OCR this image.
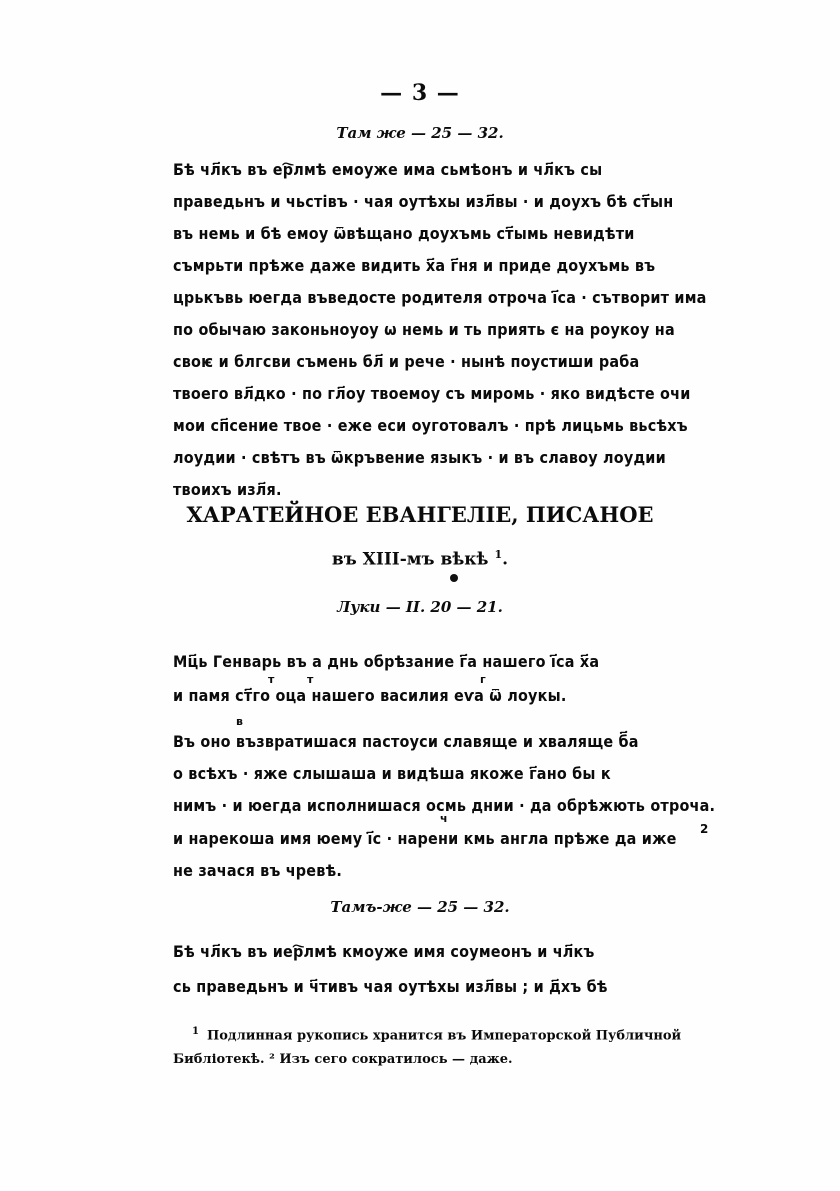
— 3 —
Там же — 25 — 32.
Бѣ чл҃къ въ ер҇лмѣ емоуже има сьмѣонъ и чл҃къ сы
праведьнъ и чьстівъ · чая оутѣхы изл҃вы · и доухъ бѣ ст҃ын
въ немь и бѣ емоу ѿвѣщано доухъмь ст҃ымь невидѣти
съмрьти прѣже даже видить х҃а г҃ня и приде доухъмь въ
црькъвь юегда въведосте родителя отроча і҃са · сътворит има
по обычаю законьноуоу ѡ немь и ть приять є на роукоу на
своѥ и блгсви съмень бл҃ и рече · нынѣ поустиши раба
твоего вл҃дко · по гл҃оу твоемоу съ миромь · яко видѣсте очи
мои сп҃сение твое · еже еси оуготовалъ · прѣ лицьмь вьсѣхъ
лоудии · свѣтъ въ ѿкръвение языкъ · и въ славоу лоудии
твоихъ изл҃я.
ХАРАТЕЙНОЕ ЕВАНГЕЛІЕ, ПИСАНОЕ
въ XIII-мъ вѣкѣ $^1$.
Луки — II. 20 — 21.
т	т	г
Мц҃ь Генварь въ а днь обрѣзание г҃а нашего і҃са х҃а
и памя ст҃го оца нашего василия еѵа ѿ лоукы.
в
ч
Въ оно възвратишася пастоуси славяще и хваляще б҃а
о всѣхъ · яже слышаша и видѣша якоже г҃ано бы к
нимъ · и юегда исполнишася осмь днии · да обрѣжють отроча.
и нарекоша имя юему і҃с · нарени кмь англа прѣже да иже 2
не зачася въ чревѣ.
Тамъ-же — 25 — 32.
Бѣ чл҃къ въ иер҇лмѣ кмоуже имя соумеонъ и чл҃къ
сь праведьнъ и ч҃тивъ чая оутѣхы изл҃вы ; и д҃хъ бѣ
$^1$ Подлинная рукопись хранится въ Императорской Публичной
Библіотекѣ. ² Изъ сего сократилось — даже.
